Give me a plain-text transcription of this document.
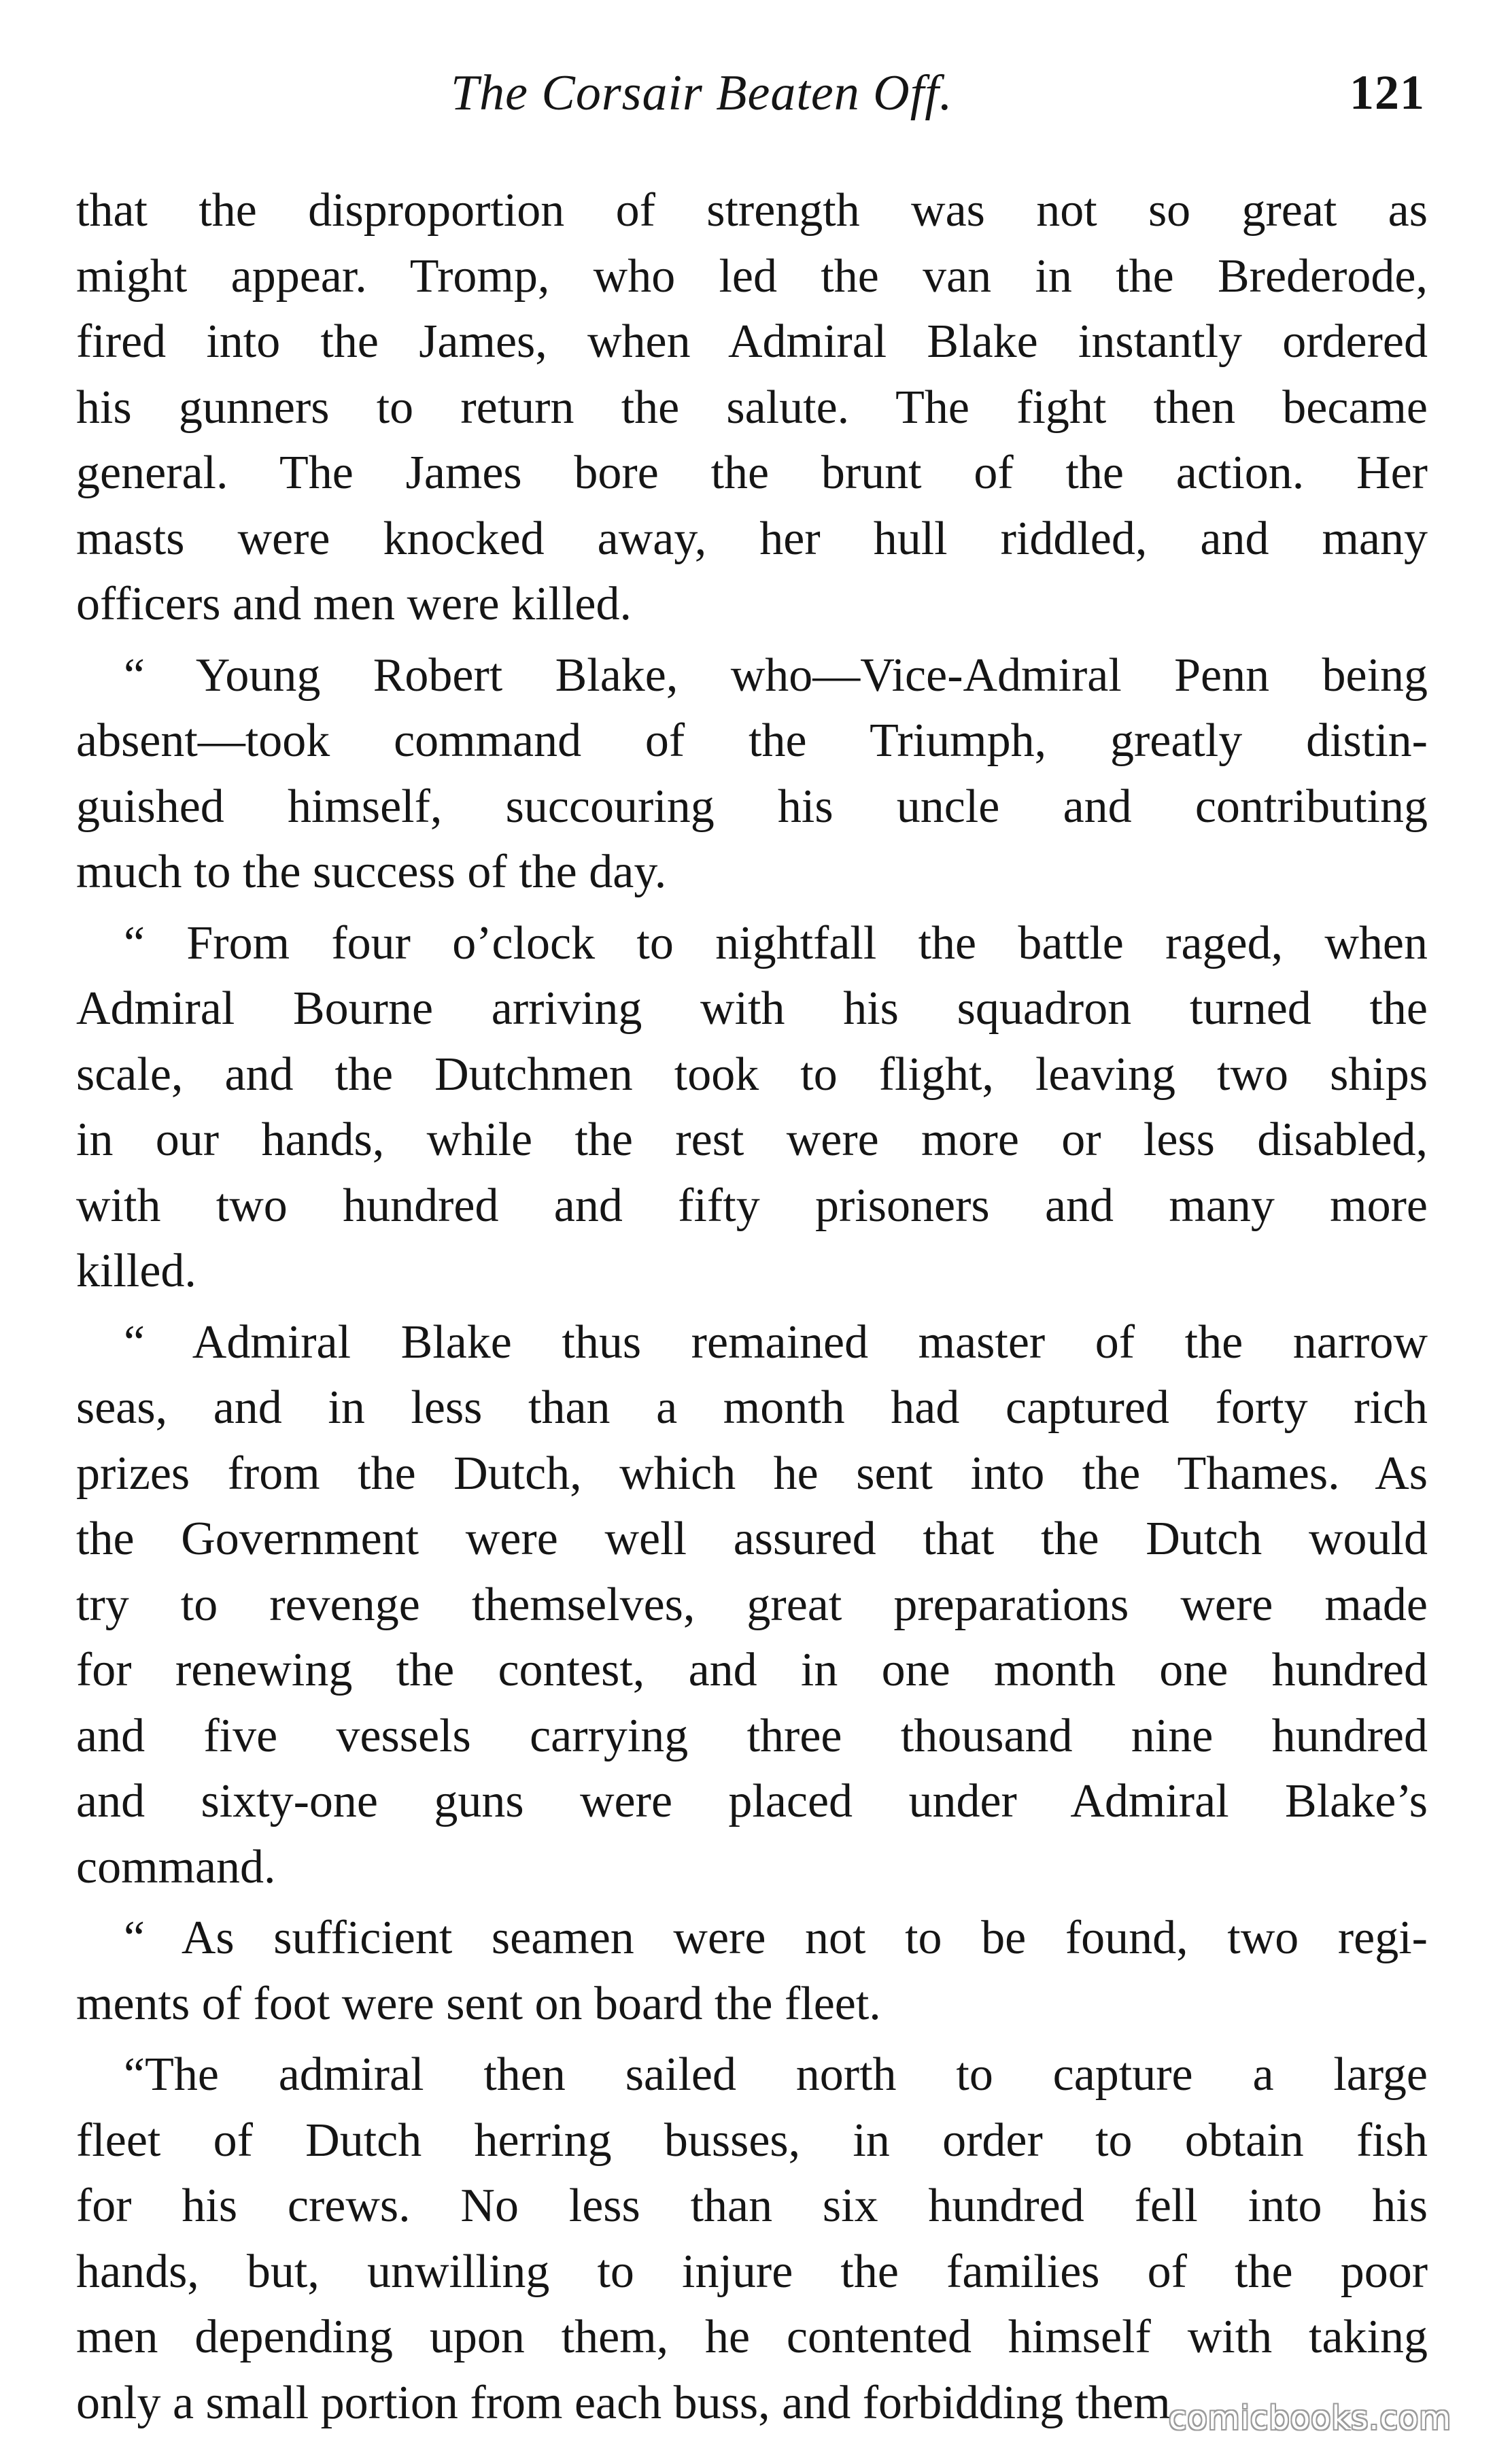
The Corsair Beaten Off.	121
that the disproportion of strength was not so great as
might appear. Tromp, who led the van in the Brederode,
fired into the James, when Admiral Blake instantly ordered
his gunners to return the salute. The fight then became
general. The James bore the brunt of the action. Her
masts were knocked away, her hull riddled, and many
officers and men were killed.
“ Young Robert Blake, who—Vice-Admiral Penn being
absent—took command of the Triumph, greatly distin-
guished himself, succouring his uncle and contributing
much to the success of the day.
“ From four o’clock to nightfall the battle raged, when
Admiral Bourne arriving with his squadron turned the
scale, and the Dutchmen took to flight, leaving two ships
in our hands, while the rest were more or less disabled,
with two hundred and fifty prisoners and many more
killed.
“ Admiral Blake thus remained master of the narrow
seas, and in less than a month had captured forty rich
prizes from the Dutch, which he sent into the Thames. As
the Government were well assured that the Dutch would
try to revenge themselves, great preparations were made
for renewing the contest, and in one month one hundred
and five vessels carrying three thousand nine hundred
and sixty-one guns were placed under Admiral Blake’s
command.
“ As sufficient seamen were not to be found, two regi-
ments of foot were sent on board the fleet.
“The admiral then sailed north to capture a large
fleet of Dutch herring busses, in order to obtain fish
for his crews. No less than six hundred fell into his
hands, but, unwilling to injure the families of the poor
men depending upon them, he contented himself with taking
only a small portion from each buss, and forbidding them
comicbooks.com
